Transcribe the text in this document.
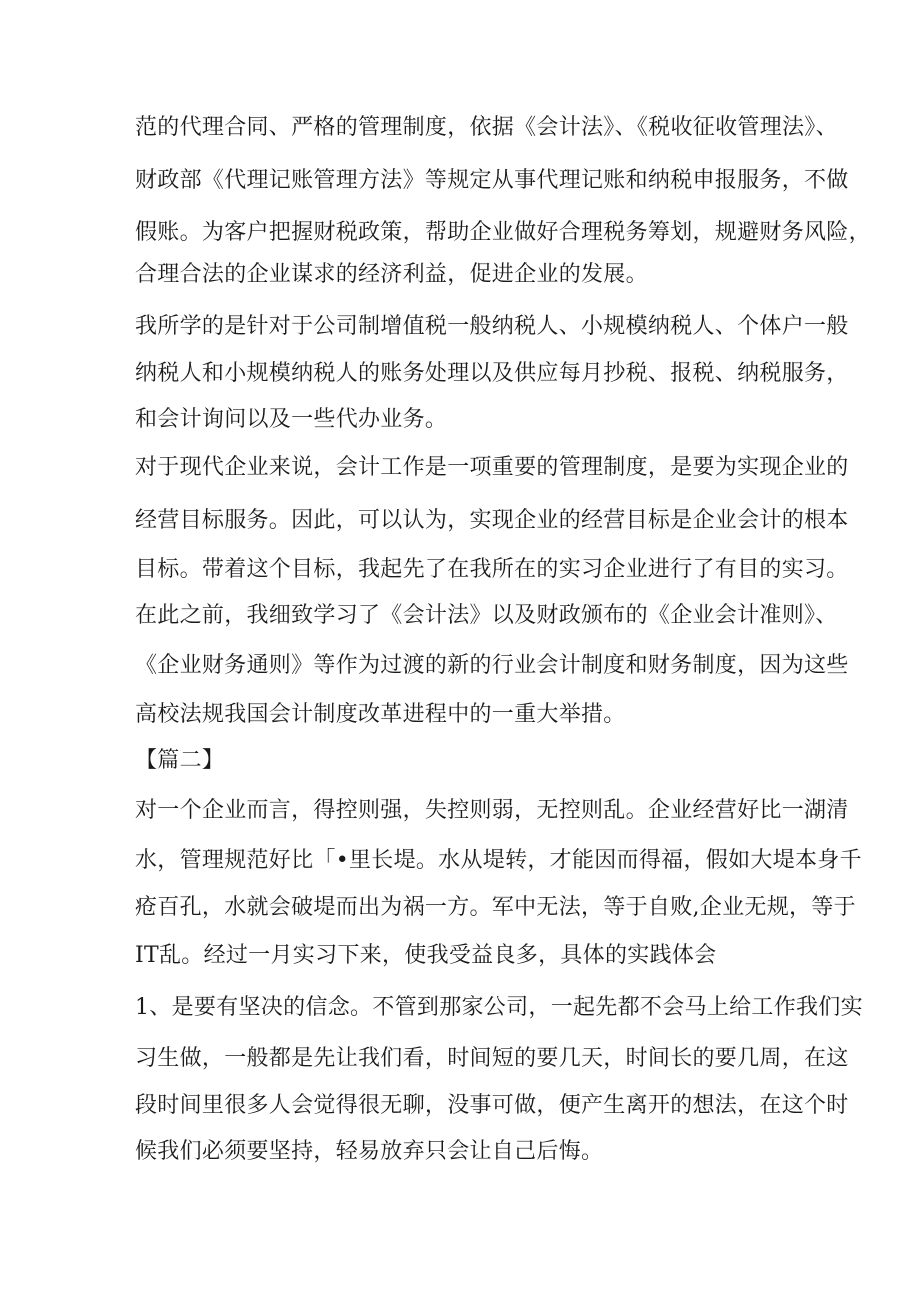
范的代理合同、严格的管理制度，依据《会计法》、《税收征收管理法》、
财政部《代理记账管理方法》等规定从事代理记账和纳税申报服务，不做
假账。为客户把握财税政策，帮助企业做好合理税务筹划，规避财务风险，
合理合法的企业谋求的经济利益，促进企业的发展。
我所学的是针对于公司制增值税一般纳税人、小规模纳税人、个体户一般
纳税人和小规模纳税人的账务处理以及供应每月抄税、报税、纳税服务，
和会计询问以及一些代办业务。
对于现代企业来说，会计工作是一项重要的管理制度，是要为实现企业的
经营目标服务。因此，可以认为，实现企业的经营目标是企业会计的根本
目标。带着这个目标，我起先了在我所在的实习企业进行了有目的实习。
在此之前，我细致学习了《会计法》以及财政颁布的《企业会计准则》、
《企业财务通则》等作为过渡的新的行业会计制度和财务制度，因为这些
高校法规我国会计制度改革进程中的一重大举措。
【篇二】
对一个企业而言，得控则强，失控则弱，无控则乱。企业经营好比一湖清
水，管理规范好比「•里长堤。水从堤转，才能因而得福，假如大堤本身千
疮百孔，水就会破堤而出为祸一方。军中无法，等于自败,企业无规，等于
IT乱。经过一月实习下来，使我受益良多，具体的实践体会
1、是要有坚决的信念。不管到那家公司，一起先都不会马上给工作我们实
习生做，一般都是先让我们看，时间短的要几天，时间长的要几周，在这
段时间里很多人会觉得很无聊，没事可做，便产生离开的想法，在这个时
候我们必须要坚持，轻易放弃只会让自己后悔。
